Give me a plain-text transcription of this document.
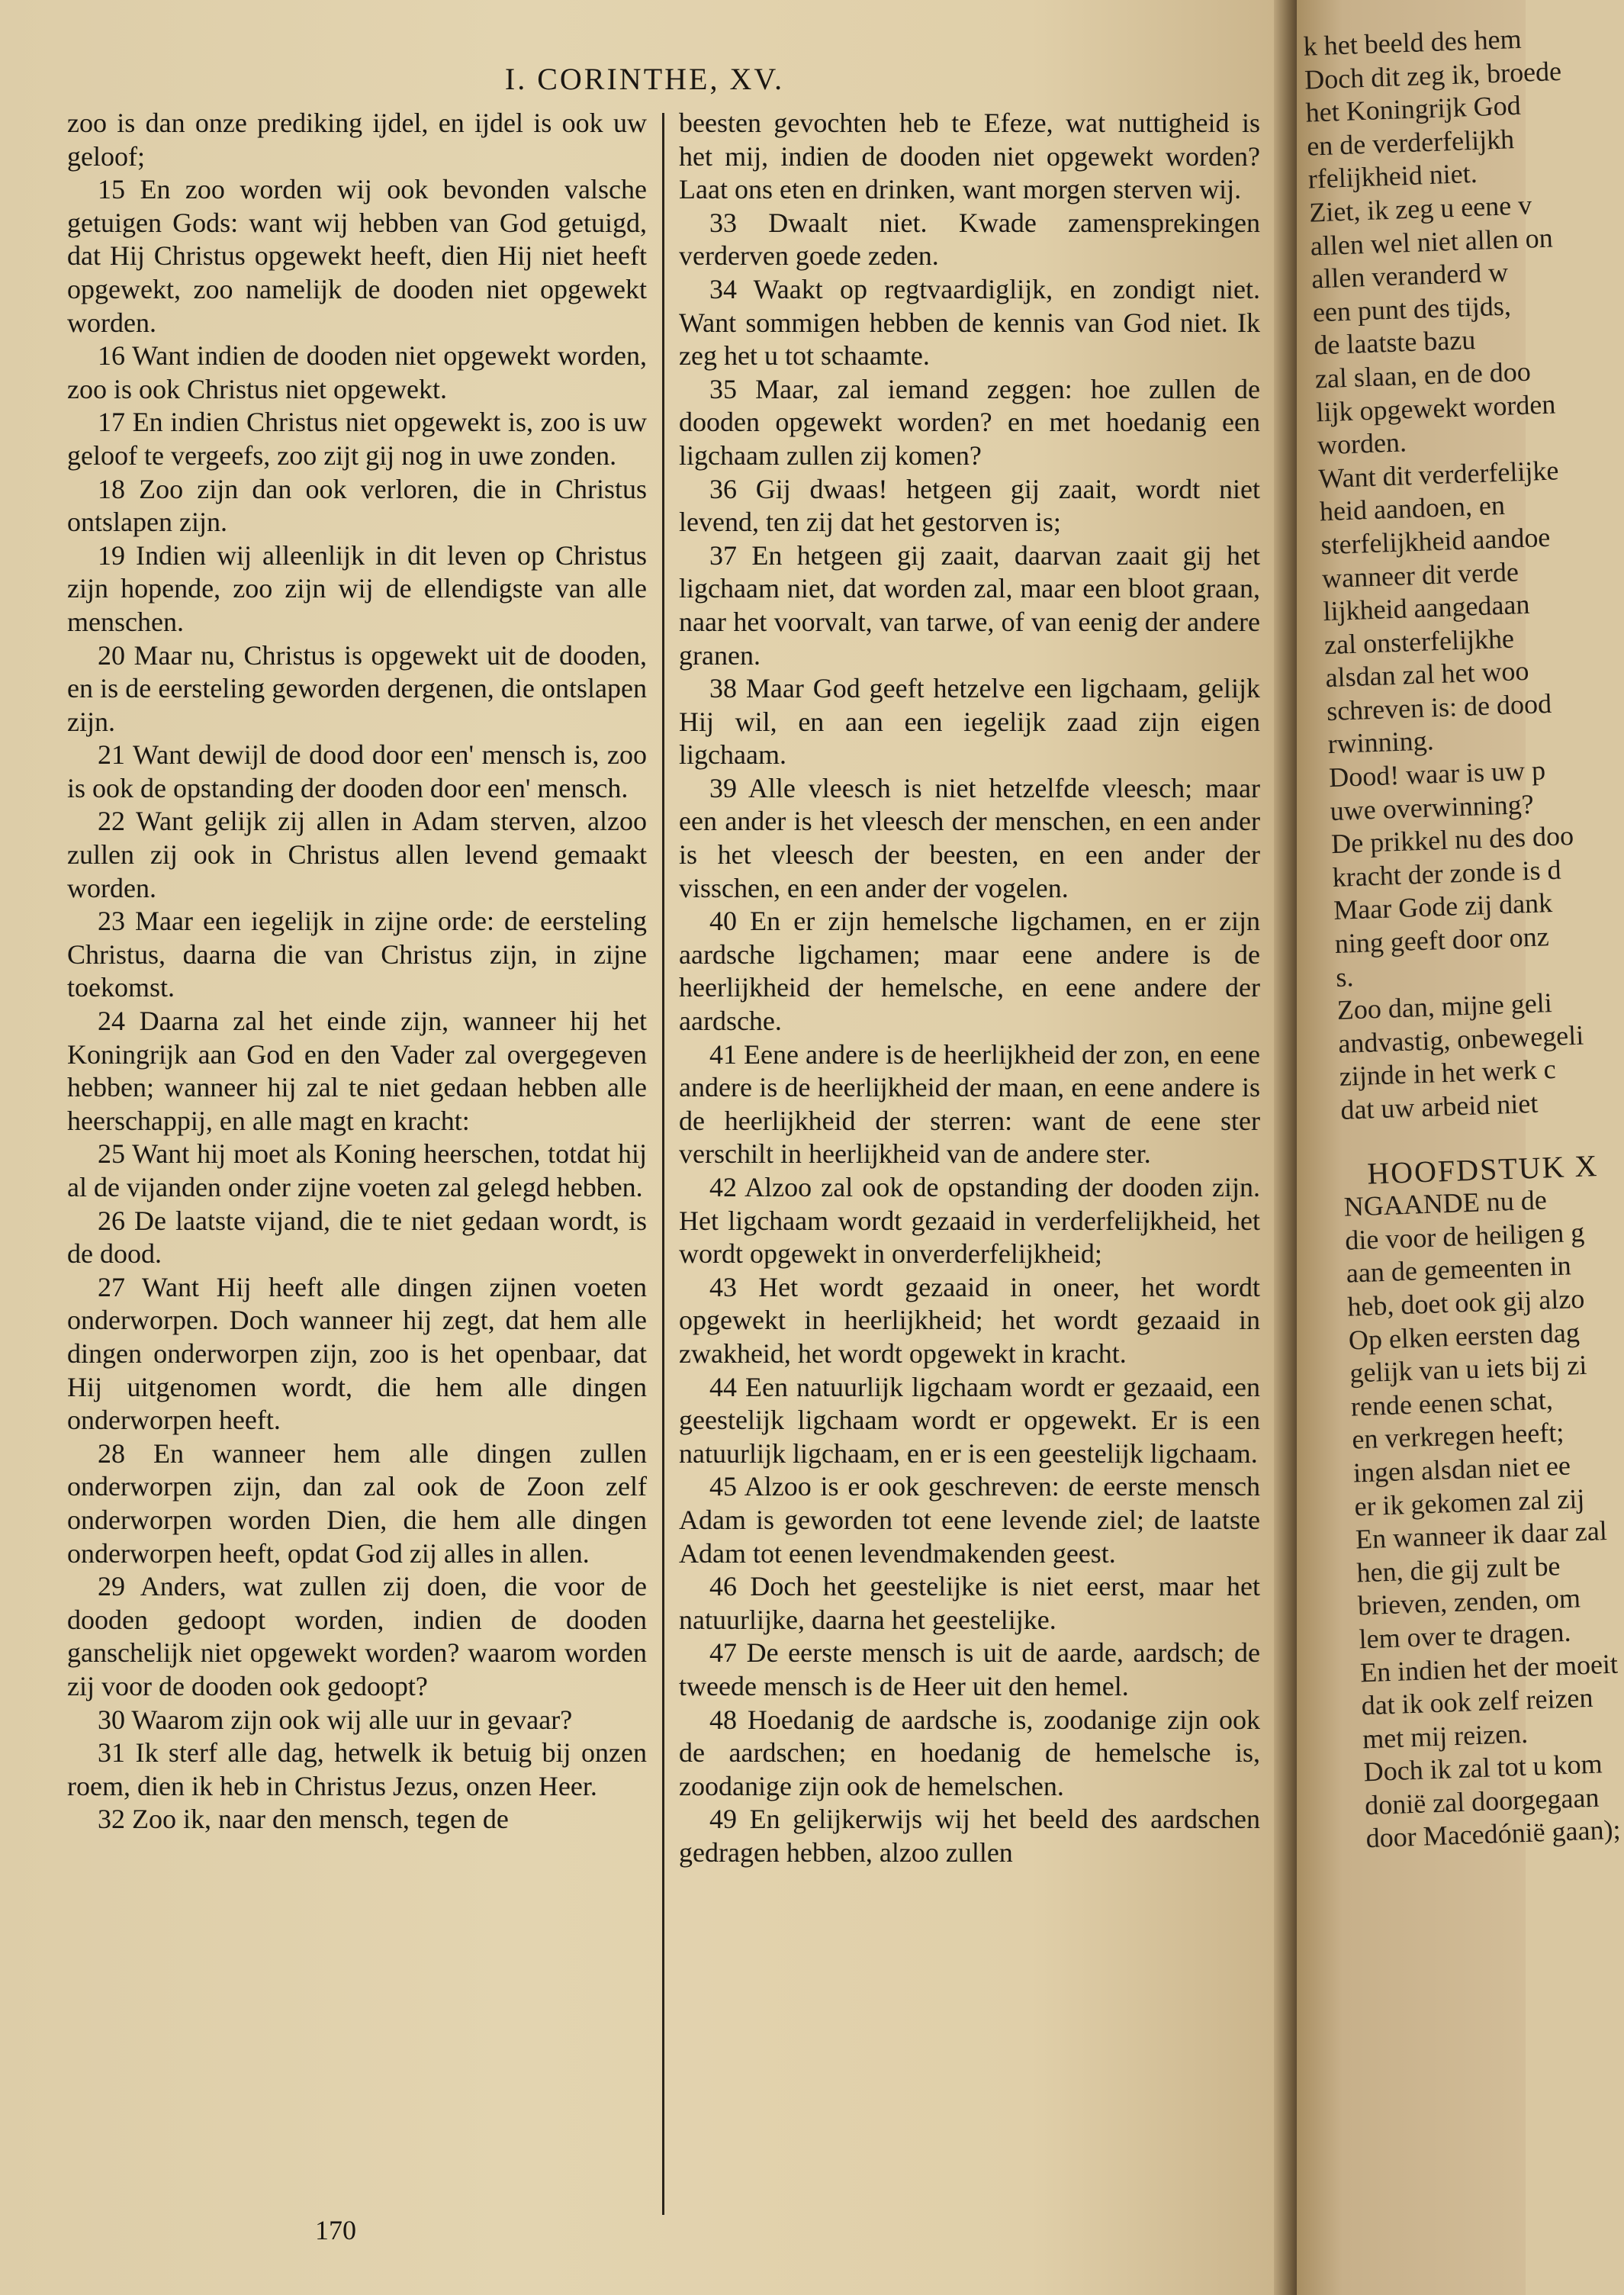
k het beeld des hem
Doch dit zeg ik, broede
het Koningrijk God
en de verderfelijkh
rfelijkheid niet.
Ziet, ik zeg u eene v
allen wel niet allen on
allen veranderd w
een punt des tijds,
de laatste bazu
zal slaan, en de doo
lijk opgewekt worden
worden.
Want dit verderfelijke
heid aandoen, en
sterfelijkheid aandoe
wanneer dit verde
lijkheid aangedaan
zal onsterfelijkhe
alsdan zal het woo
schreven is: de dood
rwinning.
Dood! waar is uw p
uwe overwinning?
De prikkel nu des doo
kracht der zonde is d
Maar Gode zij dank
ning geeft door onz
s.
Zoo dan, mijne geli
andvastig, onbewegeli
zijnde in het werk c
dat uw arbeid niet
HOOFDSTUK X
NGAANDE nu de
die voor de heiligen g
aan de gemeenten in
heb, doet ook gij alzo
Op elken eersten dag
gelijk van u iets bij zi
rende eenen schat,
en verkregen heeft;
ingen alsdan niet ee
er ik gekomen zal zij
En wanneer ik daar zal
hen, die gij zult be
brieven, zenden, om
lem over te dragen.
En indien het der moeit
dat ik ook zelf reizen
met mij reizen.
Doch ik zal tot u kom
donië zal doorgegaan
door Macedónië gaan);
I. CORINTHE, XV.

zoo is dan onze prediking ijdel, en ijdel is ook uw geloof;

15 En zoo worden wij ook bevonden valsche getuigen Gods: want wij hebben van God getuigd, dat Hij Christus opgewekt heeft, dien Hij niet heeft opgewekt, zoo namelijk de dooden niet opgewekt worden.

16 Want indien de dooden niet opgewekt worden, zoo is ook Christus niet opgewekt.

17 En indien Christus niet opgewekt is, zoo is uw geloof te vergeefs, zoo zijt gij nog in uwe zonden.

18 Zoo zijn dan ook verloren, die in Christus ontslapen zijn.

19 Indien wij alleenlijk in dit leven op Christus zijn hopende, zoo zijn wij de ellendigste van alle menschen.

20 Maar nu, Christus is opgewekt uit de dooden, en is de eersteling geworden dergenen, die ontslapen zijn.

21 Want dewijl de dood door een' mensch is, zoo is ook de opstanding der dooden door een' mensch.

22 Want gelijk zij allen in Adam sterven, alzoo zullen zij ook in Christus allen levend gemaakt worden.

23 Maar een iegelijk in zijne orde: de eersteling Christus, daarna die van Christus zijn, in zijne toekomst.

24 Daarna zal het einde zijn, wanneer hij het Koningrijk aan God en den Vader zal overgegeven hebben; wanneer hij zal te niet gedaan hebben alle heerschappij, en alle magt en kracht:

25 Want hij moet als Koning heerschen, totdat hij al de vijanden onder zijne voeten zal gelegd hebben.

26 De laatste vijand, die te niet gedaan wordt, is de dood.

27 Want Hij heeft alle dingen zijnen voeten onderworpen. Doch wanneer hij zegt, dat hem alle dingen onderworpen zijn, zoo is het openbaar, dat Hij uitgenomen wordt, die hem alle dingen onderworpen heeft.

28 En wanneer hem alle dingen zullen onderworpen zijn, dan zal ook de Zoon zelf onderworpen worden Dien, die hem alle dingen onderworpen heeft, opdat God zij alles in allen.

29 Anders, wat zullen zij doen, die voor de dooden gedoopt worden, indien de dooden ganschelijk niet opgewekt worden? waarom worden zij voor de dooden ook gedoopt?

30 Waarom zijn ook wij alle uur in gevaar?

31 Ik sterf alle dag, hetwelk ik betuig bij onzen roem, dien ik heb in Christus Jezus, onzen Heer.

32 Zoo ik, naar den mensch, tegen de

beesten gevochten heb te Efeze, wat nuttigheid is het mij, indien de dooden niet opgewekt worden? Laat ons eten en drinken, want morgen sterven wij.

33 Dwaalt niet. Kwade zamensprekingen verderven goede zeden.

34 Waakt op regtvaardiglijk, en zondigt niet. Want sommigen hebben de kennis van God niet. Ik zeg het u tot schaamte.

35 Maar, zal iemand zeggen: hoe zullen de dooden opgewekt worden? en met hoedanig een ligchaam zullen zij komen?

36 Gij dwaas! hetgeen gij zaait, wordt niet levend, ten zij dat het gestorven is;

37 En hetgeen gij zaait, daarvan zaait gij het ligchaam niet, dat worden zal, maar een bloot graan, naar het voorvalt, van tarwe, of van eenig der andere granen.

38 Maar God geeft hetzelve een ligchaam, gelijk Hij wil, en aan een iegelijk zaad zijn eigen ligchaam.

39 Alle vleesch is niet hetzelfde vleesch; maar een ander is het vleesch der menschen, en een ander is het vleesch der beesten, en een ander der visschen, en een ander der vogelen.

40 En er zijn hemelsche ligchamen, en er zijn aardsche ligchamen; maar eene andere is de heerlijkheid der hemelsche, en eene andere der aardsche.

41 Eene andere is de heerlijkheid der zon, en eene andere is de heerlijkheid der maan, en eene andere is de heerlijkheid der sterren: want de eene ster verschilt in heerlijkheid van de andere ster.

42 Alzoo zal ook de opstanding der dooden zijn. Het ligchaam wordt gezaaid in verderfelijkheid, het wordt opgewekt in onverderfelijkheid;

43 Het wordt gezaaid in oneer, het wordt opgewekt in heerlijkheid; het wordt gezaaid in zwakheid, het wordt opgewekt in kracht.

44 Een natuurlijk ligchaam wordt er gezaaid, een geestelijk ligchaam wordt er opgewekt. Er is een natuurlijk ligchaam, en er is een geestelijk ligchaam.

45 Alzoo is er ook geschreven: de eerste mensch Adam is geworden tot eene levende ziel; de laatste Adam tot eenen levendmakenden geest.

46 Doch het geestelijke is niet eerst, maar het natuurlijke, daarna het geestelijke.

47 De eerste mensch is uit de aarde, aardsch; de tweede mensch is de Heer uit den hemel.

48 Hoedanig de aardsche is, zoodanige zijn ook de aardschen; en hoedanig de hemelsche is, zoodanige zijn ook de hemelschen.

49 En gelijkerwijs wij het beeld des aardschen gedragen hebben, alzoo zullen

170
